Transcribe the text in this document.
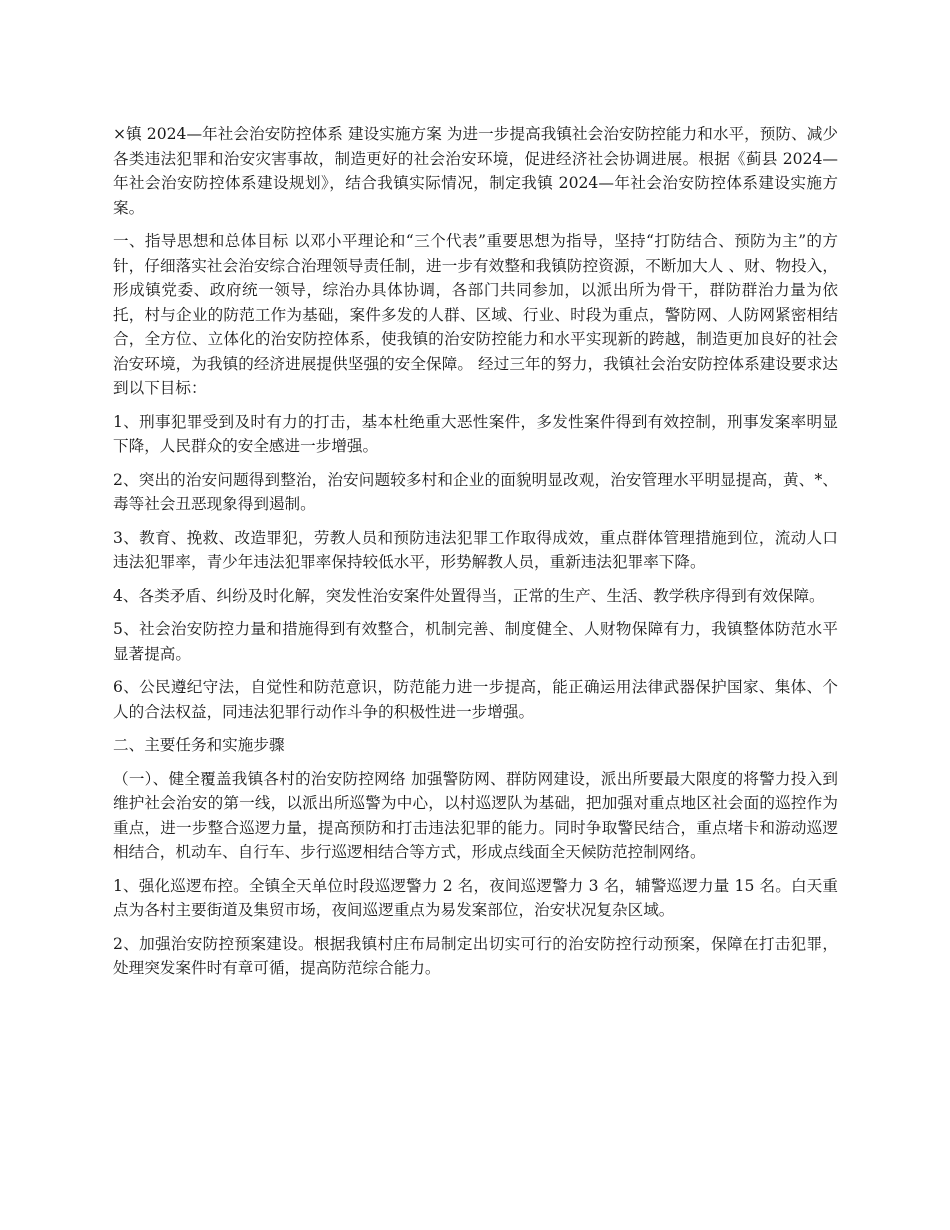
×镇 2024—年社会治安防控体系 建设实施方案 为进一步提高我镇社会治安防控能力和水平，预防、减少各类违法犯罪和治安灾害事故，制造更好的社会治安环境，促进经济社会协调进展。根据《蓟县 2024—年社会治安防控体系建设规划》，结合我镇实际情况，制定我镇 2024—年社会治安防控体系建设实施方案。

一、指导思想和总体目标 以邓小平理论和“三个代表”重要思想为指导，坚持“打防结合、预防为主”的方针，仔细落实社会治安综合治理领导责任制，进一步有效整和我镇防控资源，不断加大人 、财、物投入，形成镇党委、政府统一领导，综治办具体协调，各部门共同参加，以派出所为骨干，群防群治力量为依托，村与企业的防范工作为基础，案件多发的人群、区域、行业、时段为重点，警防网、人防网紧密相结合，全方位、立体化的治安防控体系，使我镇的治安防控能力和水平实现新的跨越，制造更加良好的社会治安环境，为我镇的经济进展提供坚强的安全保障。 经过三年的努力，我镇社会治安防控体系建设要求达到以下目标：

1、刑事犯罪受到及时有力的打击，基本杜绝重大恶性案件，多发性案件得到有效控制，刑事发案率明显下降，人民群众的安全感进一步增强。

2、突出的治安问题得到整治，治安问题较多村和企业的面貌明显改观，治安管理水平明显提高，黄、*、毒等社会丑恶现象得到遏制。

3、教育、挽救、改造罪犯，劳教人员和预防违法犯罪工作取得成效，重点群体管理措施到位，流动人口违法犯罪率，青少年违法犯罪率保持较低水平，形势解教人员，重新违法犯罪率下降。

4、各类矛盾、纠纷及时化解，突发性治安案件处置得当，正常的生产、生活、教学秩序得到有效保障。

5、社会治安防控力量和措施得到有效整合，机制完善、制度健全、人财物保障有力，我镇整体防范水平显著提高。

6、公民遵纪守法，自觉性和防范意识，防范能力进一步提高，能正确运用法律武器保护国家、集体、个人的合法权益，同违法犯罪行动作斗争的积极性进一步增强。

二、主要任务和实施步骤

（一）、健全覆盖我镇各村的治安防控网络 加强警防网、群防网建设，派出所要最大限度的将警力投入到维护社会治安的第一线，以派出所巡警为中心，以村巡逻队为基础，把加强对重点地区社会面的巡控作为重点，进一步整合巡逻力量，提高预防和打击违法犯罪的能力。同时争取警民结合，重点堵卡和游动巡逻相结合，机动车、自行车、步行巡逻相结合等方式，形成点线面全天候防范控制网络。

1、强化巡逻布控。全镇全天单位时段巡逻警力 2 名，夜间巡逻警力 3 名，辅警巡逻力量 15 名。白天重点为各村主要街道及集贸市场，夜间巡逻重点为易发案部位，治安状况复杂区域。

2、加强治安防控预案建设。根据我镇村庄布局制定出切实可行的治安防控行动预案，保障在打击犯罪，处理突发案件时有章可循，提高防范综合能力。
